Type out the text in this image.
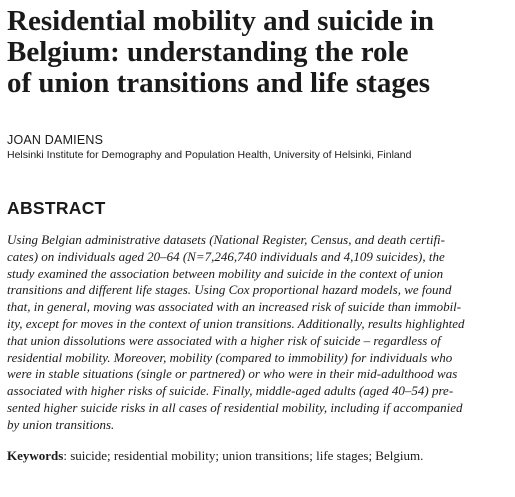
Residential mobility and suicide in
Belgium: understanding the role
of union transitions and life stages
JOAN DAMIENS
Helsinki Institute for Demography and Population Health, University of Helsinki, Finland
ABSTRACT
Using Belgian administrative datasets (National Register, Census, and death certifi-
cates) on individuals aged 20–64 (N=7,246,740 individuals and 4,109 suicides), the
study examined the association between mobility and suicide in the context of union
transitions and different life stages. Using Cox proportional hazard models, we found
that, in general, moving was associated with an increased risk of suicide than immobil-
ity, except for moves in the context of union transitions. Additionally, results highlighted
that union dissolutions were associated with a higher risk of suicide – regardless of
residential mobility. Moreover, mobility (compared to immobility) for individuals who
were in stable situations (single or partnered) or who were in their mid-adulthood was
associated with higher risks of suicide. Finally, middle-aged adults (aged 40–54) pre-
sented higher suicide risks in all cases of residential mobility, including if accompanied
by union transitions.
Keywords: suicide; residential mobility; union transitions; life stages; Belgium.
